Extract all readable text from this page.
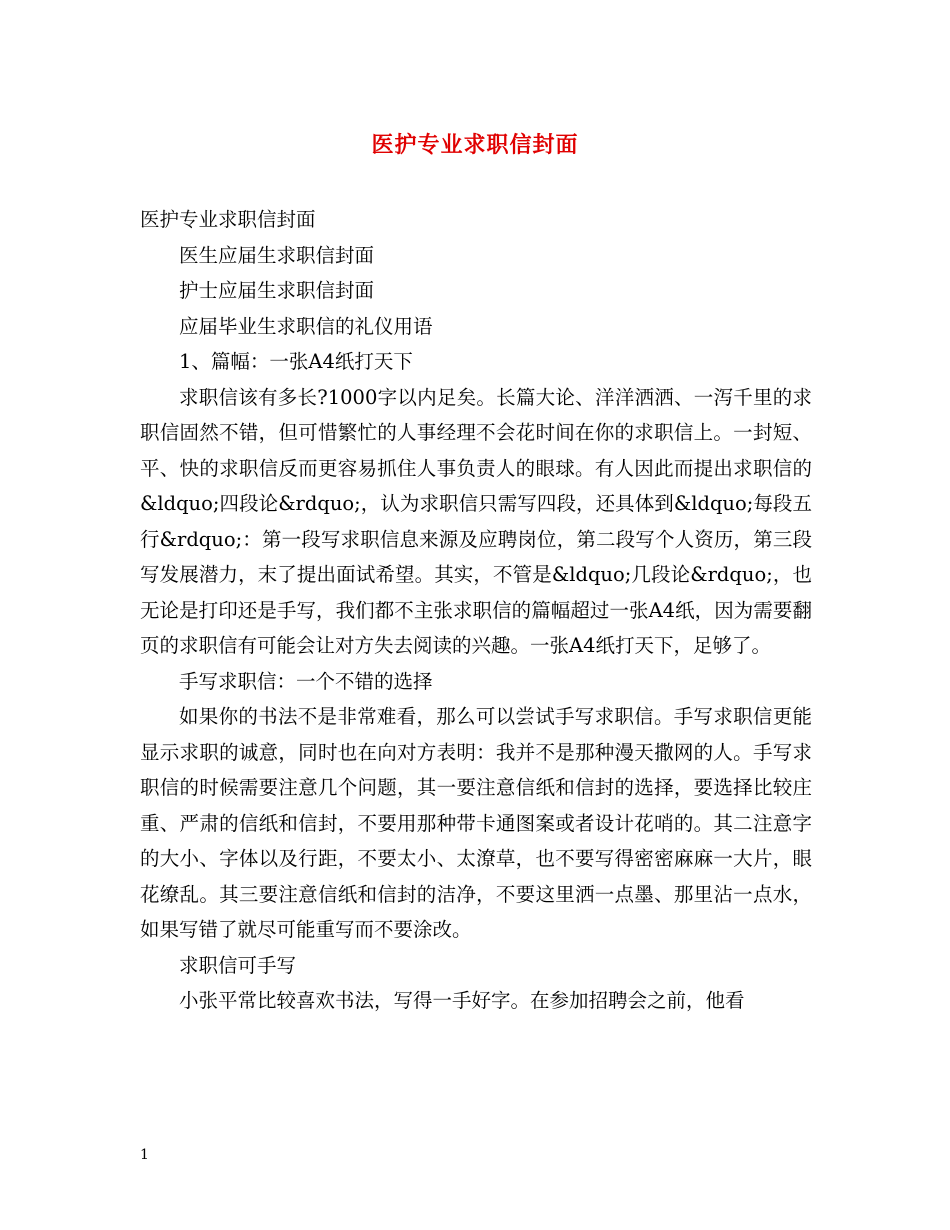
医护专业求职信封面

医护专业求职信封面

医生应届生求职信封面

护士应届生求职信封面

应届毕业生求职信的礼仪用语

1、篇幅：一张A4纸打天下

求职信该有多长?1000字以内足矣。长篇大论、洋洋洒洒、一泻千里的求职信固然不错，但可惜繁忙的人事经理不会花时间在你的求职信上。一封短、平、快的求职信反而更容易抓住人事负责人的眼球。有人因此而提出求职信的&ldquo;四段论&rdquo;，认为求职信只需写四段，还具体到&ldquo;每段五行&rdquo;：第一段写求职信息来源及应聘岗位，第二段写个人资历，第三段写发展潜力，末了提出面试希望。其实，不管是&ldquo;几段论&rdquo;，也无论是打印还是手写，我们都不主张求职信的篇幅超过一张A4纸，因为需要翻页的求职信有可能会让对方失去阅读的兴趣。一张A4纸打天下，足够了。

手写求职信：一个不错的选择

如果你的书法不是非常难看，那么可以尝试手写求职信。手写求职信更能显示求职的诚意，同时也在向对方表明：我并不是那种漫天撒网的人。手写求职信的时候需要注意几个问题，其一要注意信纸和信封的选择，要选择比较庄重、严肃的信纸和信封，不要用那种带卡通图案或者设计花哨的。其二注意字的大小、字体以及行距，不要太小、太潦草，也不要写得密密麻麻一大片，眼花缭乱。其三要注意信纸和信封的洁净，不要这里洒一点墨、那里沾一点水，如果写错了就尽可能重写而不要涂改。

求职信可手写

小张平常比较喜欢书法，写得一手好字。在参加招聘会之前，他看

1
